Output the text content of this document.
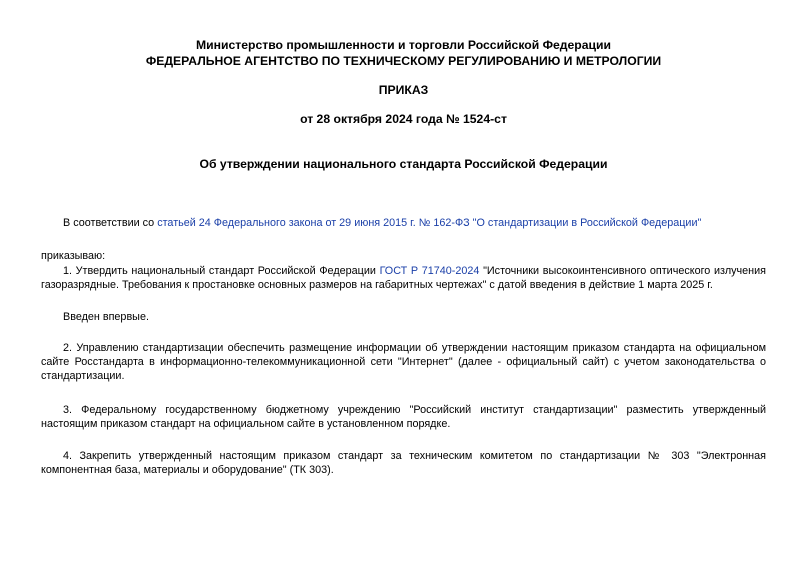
Министерство промышленности и торговли Российской Федерации
ФЕДЕРАЛЬНОЕ АГЕНТСТВО ПО ТЕХНИЧЕСКОМУ РЕГУЛИРОВАНИЮ И МЕТРОЛОГИИ
ПРИКАЗ
от 28 октября 2024 года № 1524-ст
Об утверждении национального стандарта Российской Федерации
В соответствии со статьей 24 Федерального закона от 29 июня 2015 г. № 162-ФЗ "О стандартизации в Российской Федерации"
приказываю:
1. Утвердить национальный стандарт Российской Федерации ГОСТ Р 71740-2024 "Источники высокоинтенсивного оптического излучения газоразрядные. Требования к простановке основных размеров на габаритных чертежах" с датой введения в действие 1 марта 2025 г.
Введен впервые.
2. Управлению стандартизации обеспечить размещение информации об утверждении настоящим приказом стандарта на официальном сайте Росстандарта в информационно-телекоммуникационной сети "Интернет" (далее - официальный сайт) с учетом законодательства о стандартизации.
3. Федеральному государственному бюджетному учреждению "Российский институт стандартизации" разместить утвержденный настоящим приказом стандарт на официальном сайте в установленном порядке.
4. Закрепить утвержденный настоящим приказом стандарт за техническим комитетом по стандартизации № 303 "Электронная компонентная база, материалы и оборудование" (ТК 303).
